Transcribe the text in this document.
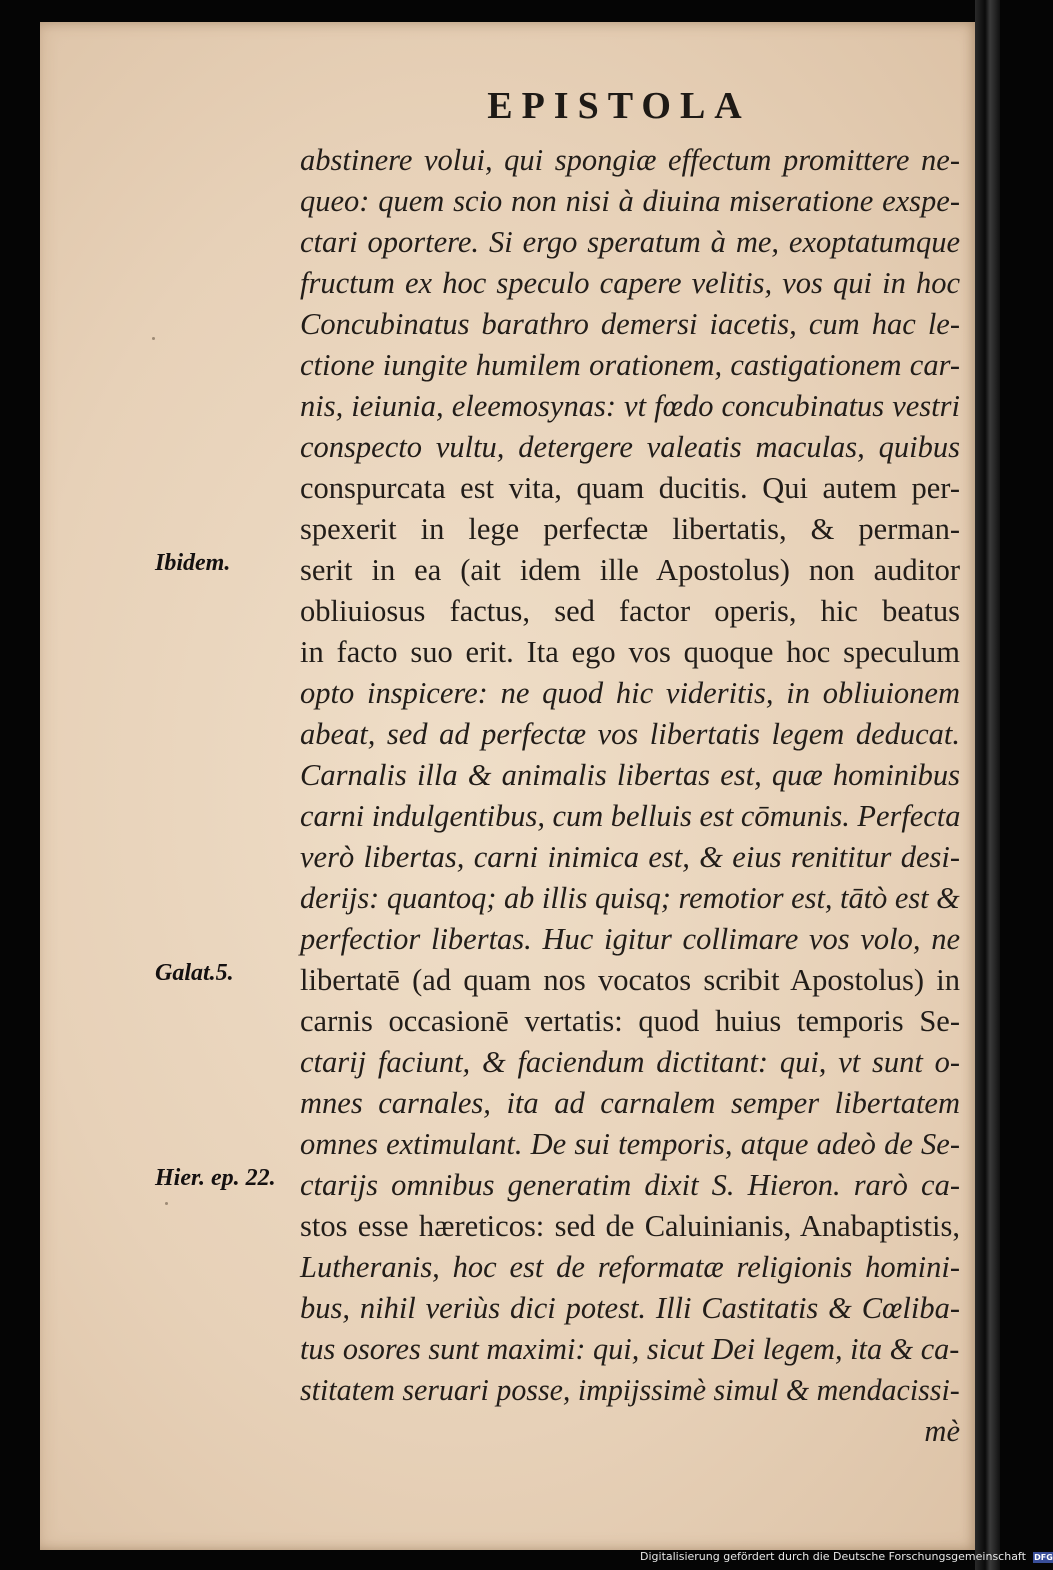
EPISTOLA
abstinere volui, qui spongiæ effectum promittere ne-
queo: quem scio non nisi à diuina miseratione exspe-
ctari oportere. Si ergo speratum à me, exoptatumque
fructum ex hoc speculo capere velitis, vos qui in hoc
Concubinatus barathro demersi iacetis, cum hac le-
ctione iungite humilem orationem, castigationem car-
nis, ieiunia, eleemosynas: vt fœdo concubinatus vestri
conspecto vultu, detergere valeatis maculas, quibus
conspurcata est vita, quam ducitis. Qui autem per-
spexerit in lege perfectæ libertatis, & perman-
serit in ea (ait idem ille Apostolus) non auditor
obliuiosus factus, sed factor operis, hic beatus
in facto suo erit. Ita ego vos quoque hoc speculum
opto inspicere: ne quod hic videritis, in obliuionem
abeat, sed ad perfectæ vos libertatis legem deducat.
Carnalis illa & animalis libertas est, quæ hominibus
carni indulgentibus, cum belluis est cōmunis. Perfecta
verò libertas, carni inimica est, & eius renititur desi-
derijs: quantoq; ab illis quisq; remotior est, tātò est &
perfectior libertas. Huc igitur collimare vos volo, ne
libertatē (ad quam nos vocatos scribit Apostolus) in
carnis occasionē vertatis: quod huius temporis Se-
ctarij faciunt, & faciendum dictitant: qui, vt sunt o-
mnes carnales, ita ad carnalem semper libertatem
omnes extimulant. De sui temporis, atque adeò de Se-
ctarijs omnibus generatim dixit S. Hieron. rarò ca-
stos esse hæreticos: sed de Caluinianis, Anabaptistis,
Lutheranis, hoc est de reformatæ religionis homini-
bus, nihil veriùs dici potest. Illi Castitatis & Cœliba-
tus osores sunt maximi: qui, sicut Dei legem, ita & ca-
stitatem seruari posse, impijssimè simul & mendacissi-
mè
Ibidem.
Galat.5.
Hier. ep. 22.
Digitalisierung gefördert durch die Deutsche Forschungsgemeinschaft DFG
